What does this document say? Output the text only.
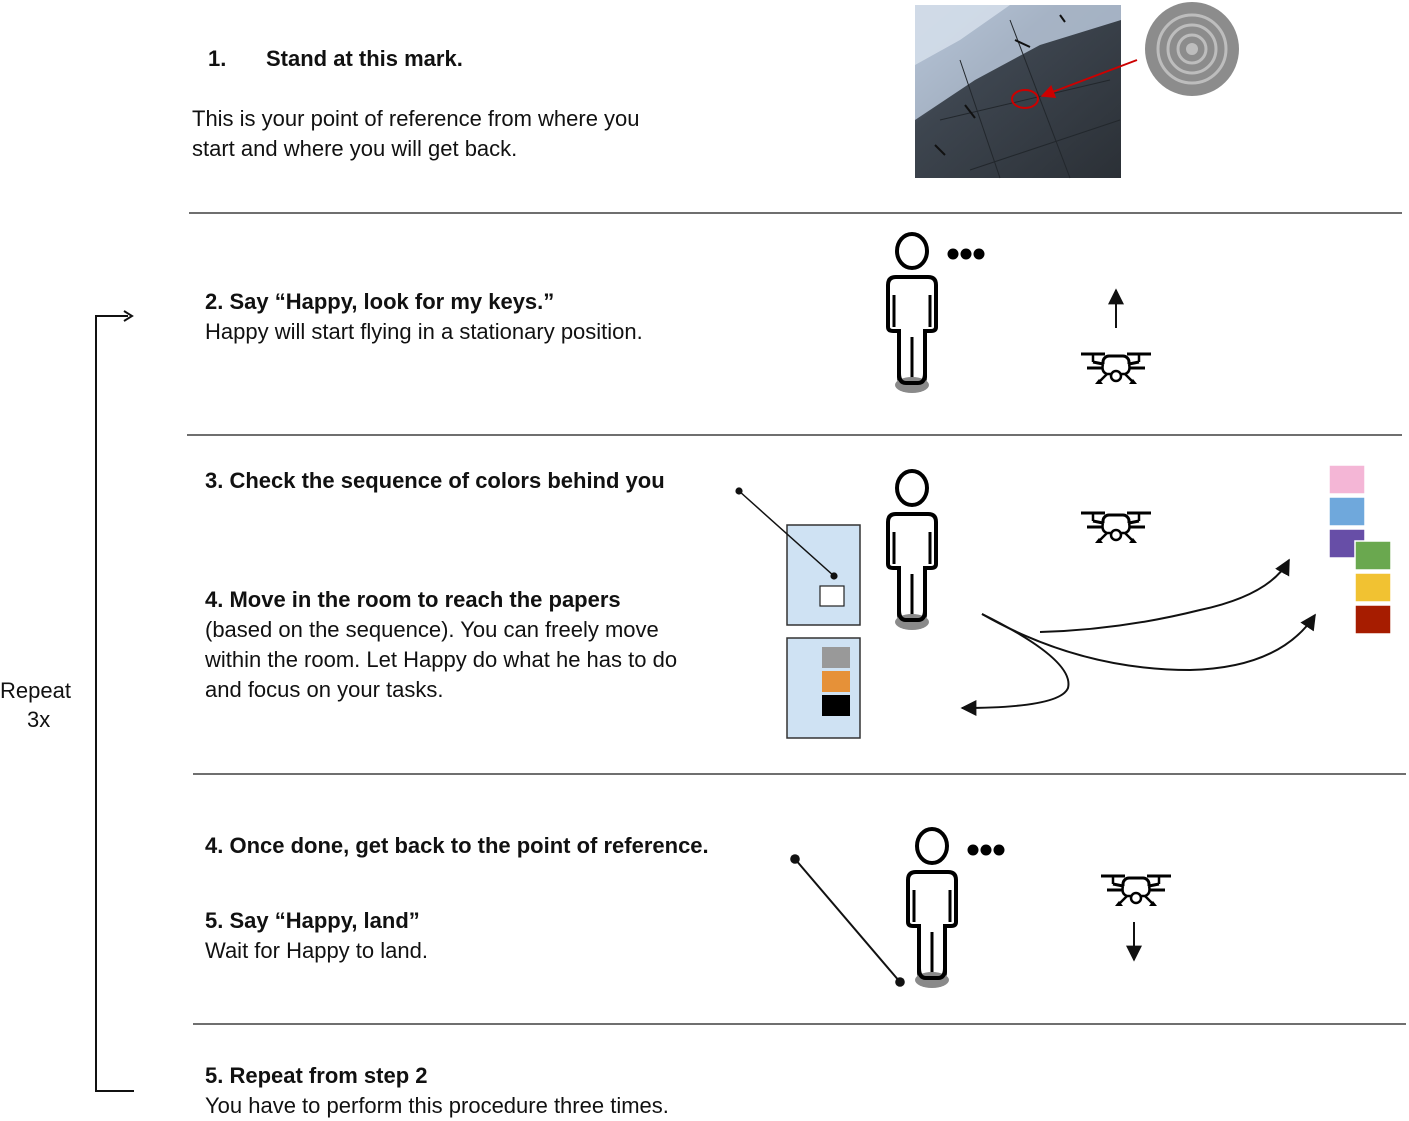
1. Stand at this mark.
This is your point of reference from where you
start and where you will get back.
2. Say “Happy, look for my keys.”
Happy will start flying in a stationary position.
3. Check the sequence of colors behind you
4. Move in the room to reach the papers
(based on the sequence). You can freely move
within the room. Let Happy do what he has to do
and focus on your tasks.
4. Once done, get back to the point of reference.
5. Say “Happy, land”
Wait for Happy to land.
5. Repeat from step 2
You have to perform this procedure three times.
Repeat
3x
